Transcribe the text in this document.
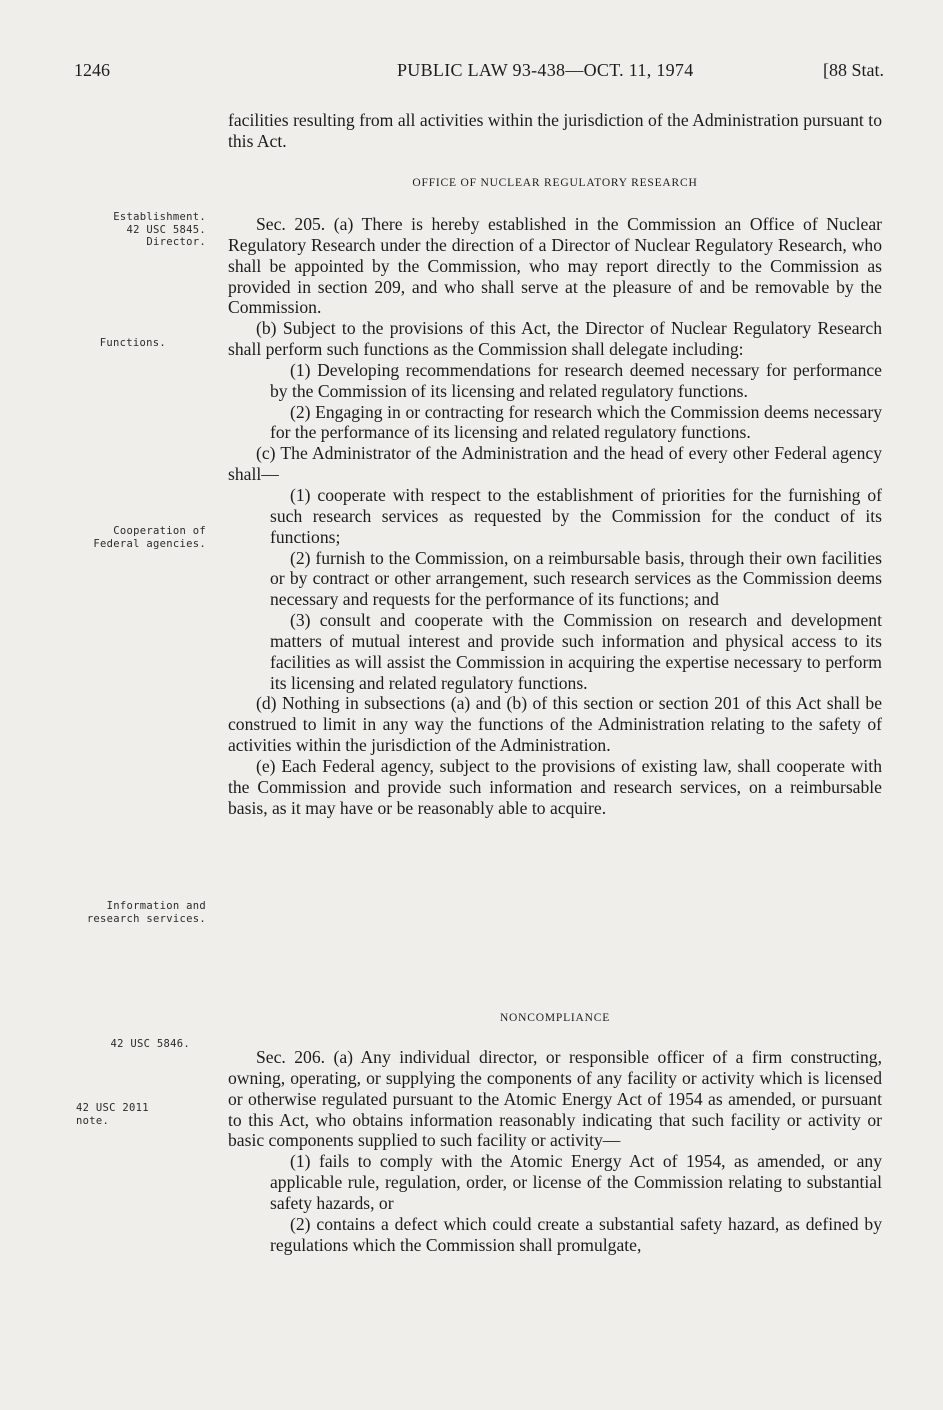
1246	PUBLIC LAW 93-438—OCT. 11, 1974	[88 Stat.
Establishment.
42 USC 5845.
Director.
Functions.
Cooperation of
Federal agencies.
Information and
research services.
42 USC 5846.
42 USC 2011
note.

facilities resulting from all activities within the jurisdiction of the Administration pursuant to this Act.

OFFICE OF NUCLEAR REGULATORY RESEARCH

Sec. 205. (a) There is hereby established in the Commission an Office of Nuclear Regulatory Research under the direction of a Director of Nuclear Regulatory Research, who shall be appointed by the Commission, who may report directly to the Commission as provided in section 209, and who shall serve at the pleasure of and be removable by the Commission.

(b) Subject to the provisions of this Act, the Director of Nuclear Regulatory Research shall perform such functions as the Commission shall delegate including:

(1) Developing recommendations for research deemed necessary for performance by the Commission of its licensing and related regulatory functions.

(2) Engaging in or contracting for research which the Commission deems necessary for the performance of its licensing and related regulatory functions.

(c) The Administrator of the Administration and the head of every other Federal agency shall—

(1) cooperate with respect to the establishment of priorities for the furnishing of such research services as requested by the Commission for the conduct of its functions;

(2) furnish to the Commission, on a reimbursable basis, through their own facilities or by contract or other arrangement, such research services as the Commission deems necessary and requests for the performance of its functions; and

(3) consult and cooperate with the Commission on research and development matters of mutual interest and provide such information and physical access to its facilities as will assist the Commission in acquiring the expertise necessary to perform its licensing and related regulatory functions.

(d) Nothing in subsections (a) and (b) of this section or section 201 of this Act shall be construed to limit in any way the functions of the Administration relating to the safety of activities within the jurisdiction of the Administration.

(e) Each Federal agency, subject to the provisions of existing law, shall cooperate with the Commission and provide such information and research services, on a reimbursable basis, as it may have or be reasonably able to acquire.

NONCOMPLIANCE

Sec. 206. (a) Any individual director, or responsible officer of a firm constructing, owning, operating, or supplying the components of any facility or activity which is licensed or otherwise regulated pursuant to the Atomic Energy Act of 1954 as amended, or pursuant to this Act, who obtains information reasonably indicating that such facility or activity or basic components supplied to such facility or activity—

(1) fails to comply with the Atomic Energy Act of 1954, as amended, or any applicable rule, regulation, order, or license of the Commission relating to substantial safety hazards, or

(2) contains a defect which could create a substantial safety hazard, as defined by regulations which the Commission shall promulgate,
